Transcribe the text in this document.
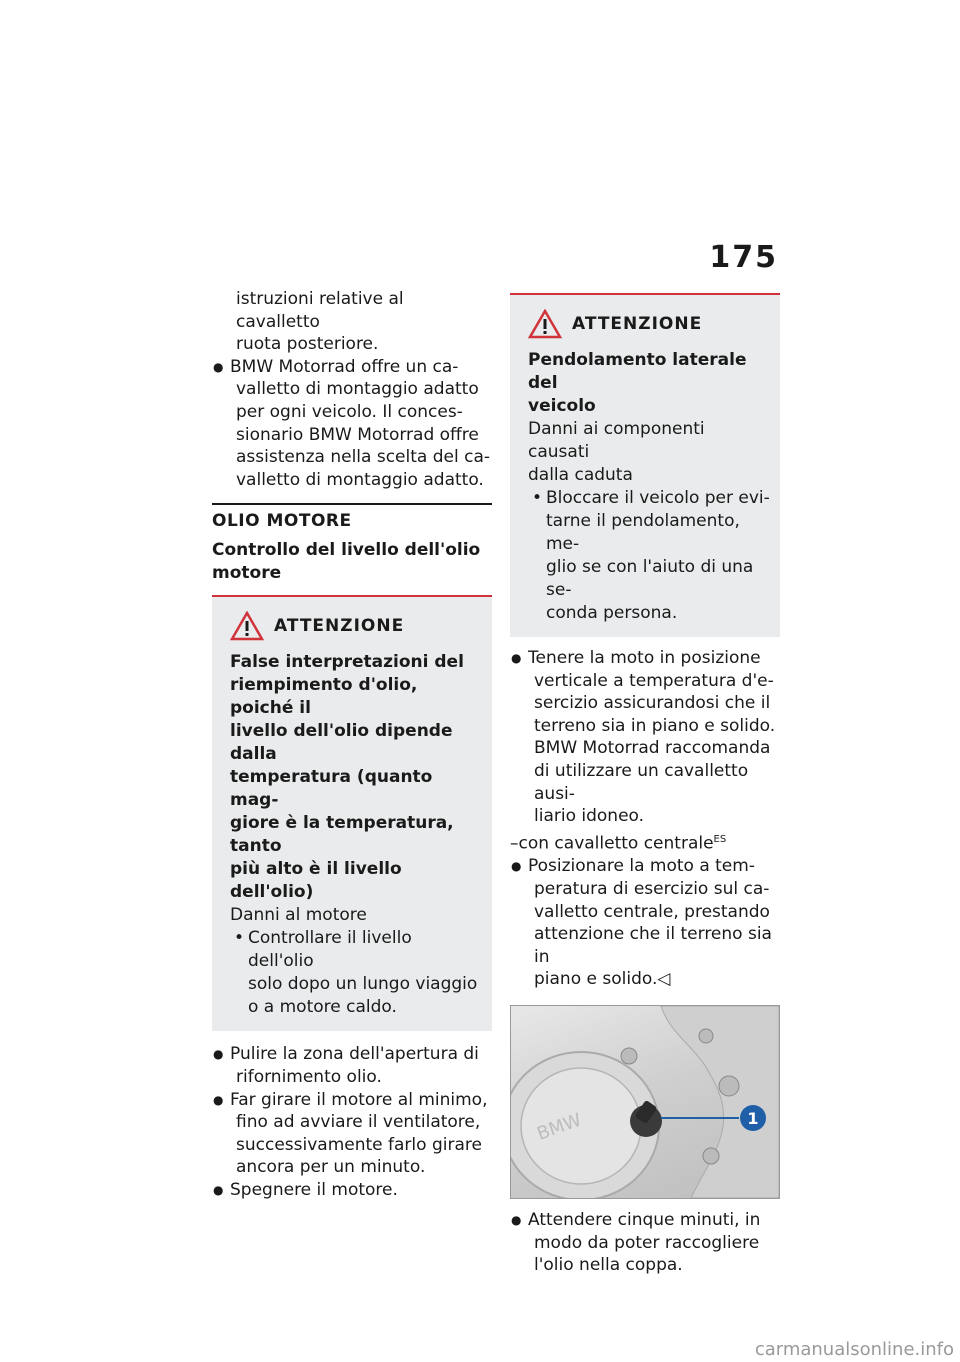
175
istruzioni relative al cavalletto
ruota posteriore.
● BMW Motorrad offre un ca-
valletto di montaggio adatto
per ogni veicolo. Il conces-
sionario BMW Motorrad offre
assistenza nella scelta del ca-
valletto di montaggio adatto.
OLIO MOTORE
Controllo del livello dell'olio
motore
ATTENZIONE
False interpretazioni del
riempimento d'olio, poiché il
livello dell'olio dipende dalla
temperatura (quanto mag-
giore è la temperatura, tanto
più alto è il livello dell'olio)
Danni al motore
• Controllare il livello dell'olio
solo dopo un lungo viaggio
o a motore caldo.
● Pulire la zona dell'apertura di
rifornimento olio.
● Far girare il motore al minimo,
fino ad avviare il ventilatore,
successivamente farlo girare
ancora per un minuto.
● Spegnere il motore.
ATTENZIONE
Pendolamento laterale del
veicolo
Danni ai componenti causati
dalla caduta
• Bloccare il veicolo per evi-
tarne il pendolamento, me-
glio se con l'aiuto di una se-
conda persona.
● Tenere la moto in posizione
verticale a temperatura d'e-
sercizio assicurandosi che il
terreno sia in piano e solido.
BMW Motorrad raccomanda
di utilizzare un cavalletto ausi-
liario idoneo.
–con cavalletto centrale$^{ES}$
● Posizionare la moto a tem-
peratura di esercizio sul ca-
valletto centrale, prestando
attenzione che il terreno sia in
piano e solido.◁
BMW	1
● Attendere cinque minuti, in
modo da poter raccogliere
l'olio nella coppa.
carmanualsonline.info
